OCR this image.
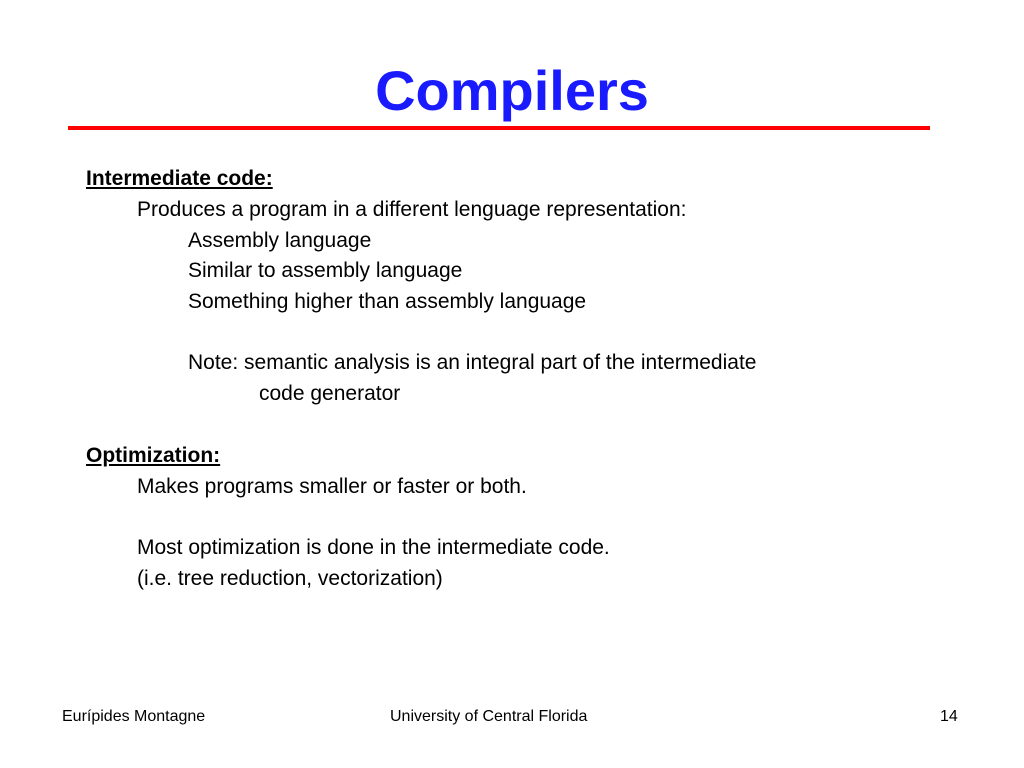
Compilers
Intermediate code:
Produces a program in a different lenguage representation:
Assembly language
Similar to assembly language
Something higher than assembly language
Note: semantic analysis is an integral part of the intermediate
code generator
Optimization:
Makes programs smaller or faster or both.
Most optimization is done in the intermediate code.
(i.e. tree reduction, vectorization)
Eurípides Montagne	University of Central Florida	14
